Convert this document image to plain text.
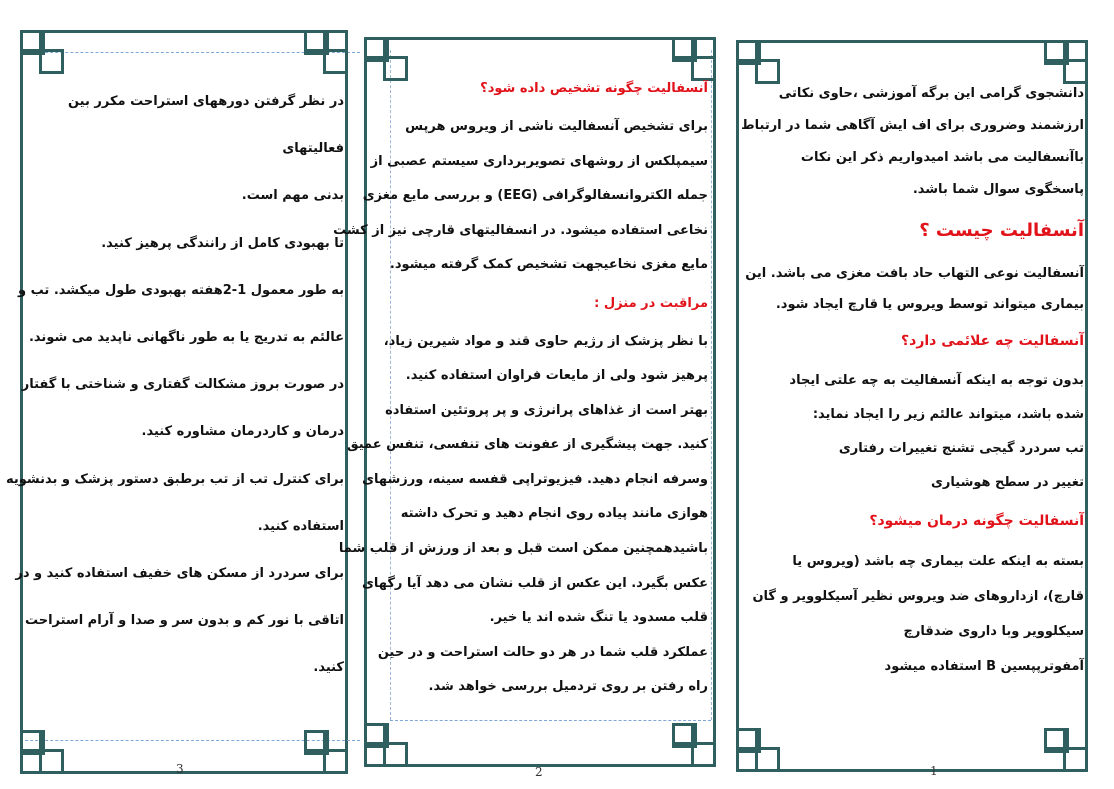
در نظر گرفتن دورههای استراحت مکرر بین

فعالیتهای

بدنی مهم است.

تا بهبودی کامل از رانندگی پرهیز کنید.

به طور معمول 1-2هفته بهبودی طول میکشد. تب و

عالئم به تدریج یا به طور ناگهانی ناپدید می شوند.

در صورت بروز مشکالت گفتاری و شناختی با گفتار

درمان و کاردرمان مشاوره کنید.

برای کنترل تب از تب برطبق دستور پزشک و بدنشویه

استفاده کنید.

برای سردرد از مسکن های خفیف استفاده کنید و در

اتاقی با نور کم و بدون سر و صدا و آرام استراحت

کنید.

3

آنسفالیت چگونه تشخیص داده شود؟

برای تشخیص آنسفالیت ناشی از ویروس هرپس

سیمپلکس از روشهای تصویربرداری سیستم عصبی از

جمله الکتروانسفالوگرافی (EEG) و بررسی مایع مغزی

نخاعی استفاده میشود. در انسفالیتهای قارچی نیز از کشت

مایع مغزی نخاعیجهت تشخیص کمک گرفته میشود.

مراقبت در منزل :

با نظر پزشک از رژیم حاوی قند و مواد شیرین زیاد،

پرهیز شود ولی از مایعات فراوان استفاده کنید.

بهتر است از غذاهای پرانرژی و پر پروتئین استفاده

کنید. جهت پیشگیری از عفونت های تنفسی، تنفس عمیق

وسرفه انجام دهید. فیزیوتراپی قفسه سینه، ورزشهای

هوازی مانند پیاده روی انجام دهید و تحرک داشته

باشیدهمچنین ممکن است قبل و بعد از ورزش از قلب شما

عکس بگیرد. این عکس از قلب نشان می دهد آیا رگهای

قلب مسدود یا تنگ شده اند یا خیر.

عملکرد قلب شما در هر دو حالت استراحت و در حین

راه رفتن بر روی تردمیل بررسی خواهد شد.

2

دانشجوی گرامی این برگه آموزشی ،حاوی نکاتی

ارزشمند وضروری برای اف ایش آگاهی شما در ارتباط

باآنسفالیت می باشد امیدواریم ذکر این نکات

پاسخگوی سوال شما باشد.

آنسفالیت چیست ؟

آنسفالیت نوعی التهاب حاد بافت مغزی می باشد. این

بیماری میتواند توسط ویروس یا قارچ ایجاد شود.

آنسفالیت چه علائمی دارد؟

بدون توجه به اینکه آنسفالیت به چه علتی ایجاد

شده باشد، میتواند عالئم زیر را ایجاد نماید:

تب سردرد گیجی تشنج تغییرات رفتاری

تغییر در سطح هوشیاری

آنسفالیت چگونه درمان میشود؟

بسته به اینکه علت بیماری چه باشد (ویروس یا

قارچ)، ازداروهای ضد ویروس نظیر آسیکلوویر و گان

سیکلوویر وبا داروی ضدقارچ

آمفوترپپسین B استفاده میشود

1
